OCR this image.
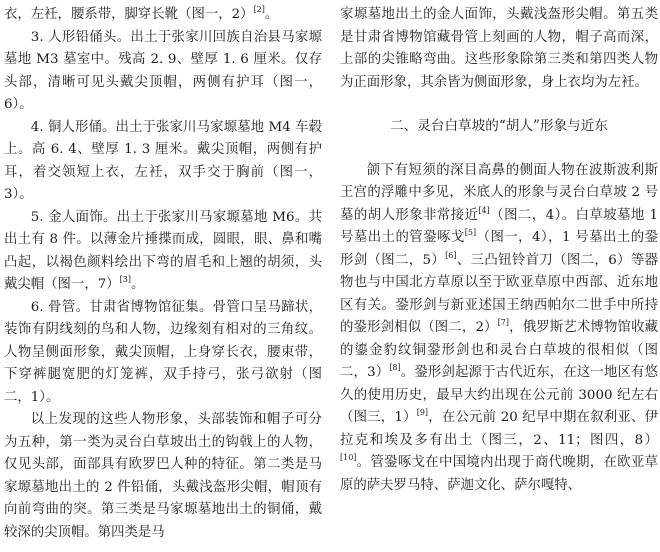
衣，左衽，腰系带，脚穿长靴（图一，2）[2]。

3. 人形铅俑头。出土于张家川回族自治县马家塬墓地 M3 墓室中。残高 2. 9、壁厚 1. 6 厘米。仅存头部，清晰可见头戴尖顶帽，两侧有护耳（图一，6）。

4. 铜人形俑。出土于张家川马家塬墓地 M4 车毂上。高 6. 4、壁厚 1. 3 厘米。戴尖顶帽，两侧有护耳，着交领短上衣，左衽，双手交于胸前（图一，3）。

5. 金人面饰。出土于张家川马家塬墓地 M6。共出土有 8 件。以薄金片捶揲而成，圆眼，眼、鼻和嘴凸起，以褐色颜料绘出下弯的眉毛和上翘的胡须，头戴尖帽（图一，7）[3]。

6. 骨管。甘肃省博物馆征集。骨管口呈马蹄状，装饰有阴线刻的鸟和人物，边缘刻有相对的三角纹。人物呈侧面形象，戴尖顶帽，上身穿长衣，腰束带，下穿裤腿宽肥的灯笼裤，双手持弓，张弓欲射（图二，1）。

以上发现的这些人物形象，头部装饰和帽子可分为五种，第一类为灵台白草坡出土的钩戟上的人物，仅见头部，面部具有欧罗巴人种的特征。第二类是马家塬墓地出土的 2 件铅俑，头戴浅盔形尖帽，帽顶有向前弯曲的突。第三类是马家塬墓地出土的铜俑，戴较深的尖顶帽。第四类是马

家塬墓地出土的金人面饰，头戴浅盔形尖帽。第五类是甘肃省博物馆藏骨管上刻画的人物，帽子高而深，上部的尖锥略弯曲。这些形象除第三类和第四类人物为正面形象，其余皆为侧面形象，身上衣均为左衽。

二、灵台白草坡的“胡人”形象与近东

颌下有短须的深目高鼻的侧面人物在波斯波利斯王宫的浮雕中多见，米底人的形象与灵台白草坡 2 号墓的胡人形象非常接近[4]（图二，4）。白草坡墓地 1 号墓出土的管銎啄戈[5]（图一，4），1 号墓出土的銎形剑（图二，5）[6]、三凸钮铃首刀（图二，6）等器物也与中国北方草原以至于欧亚草原中西部、近东地区有关。銎形剑与新亚述国王纳西帕尔二世手中所持的銎形剑相似（图二，2）[7]，俄罗斯艺术博物馆收藏的鎏金豹纹铜銎形剑也和灵台白草坡的很相似（图二，3）[8]。銎形剑起源于古代近东，在这一地区有悠久的使用历史，最早大约出现在公元前 3000 纪左右（图三，1）[9]，在公元前 20 纪早中期在叙利亚、伊拉克和埃及多有出土（图三，2、11；图四，8）[10]。管銎啄戈在中国境内出现于商代晚期，在欧亚草原的萨夫罗马特、萨迦文化、萨尔嘎特、
